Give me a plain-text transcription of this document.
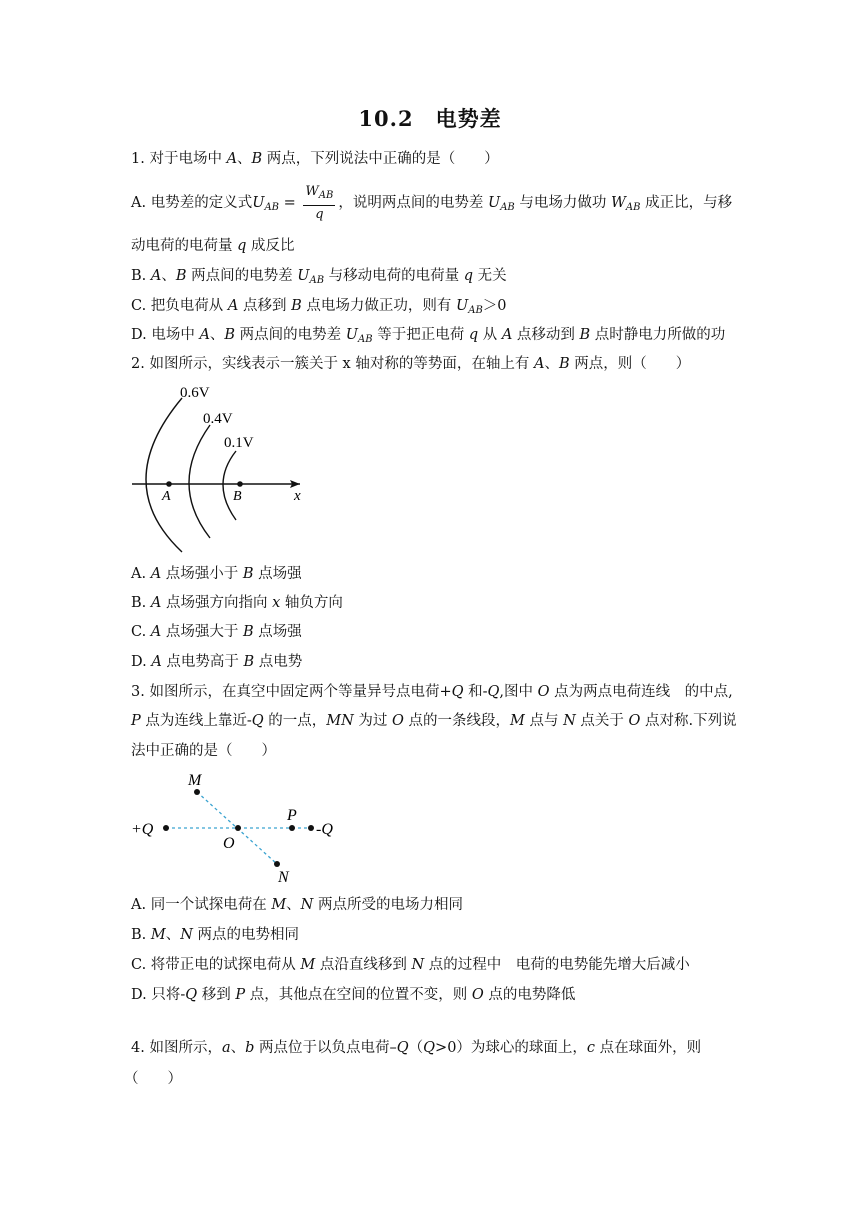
10.2　电势差
1. 对于电场中 A、B 两点，下列说法中正确的是（　　）
A. 电势差的定义式$U_{AB} = \frac{W_{AB}}{q}$ ，说明两点间的电势差 $U_{AB}$ 与电场力做功 $W_{AB}$ 成正比，与移
动电荷的电荷量 q 成反比
B. A、B 两点间的电势差 $U_{AB}$ 与移动电荷的电荷量 q 无关
C. 把负电荷从 A 点移到 B 点电场力做正功，则有 $U_{AB}>0$
D. 电场中 A、B 两点间的电势差 $U_{AB}$ 等于把正电荷 q 从 A 点移动到 B 点时静电力所做的功
2. 如图所示，实线表示一簇关于 x 轴对称的等势面，在轴上有 A、B 两点，则（　　）
0.6V
0.4V
0.1V
A	B	x
A. A 点场强小于 B 点场强
B. A 点场强方向指向 x 轴负方向
C. A 点场强大于 B 点场强
D. A 点电势高于 B 点电势
3. 如图所示，在真空中固定两个等量异号点电荷+Q 和-Q,图中 O 点为两点电荷连线　的中点,
P 点为连线上靠近-Q 的一点，MN 为过 O 点的一条线段，M 点与 N 点关于 O 点对称.下列说
法中正确的是（　　）
M
N
O
P
+Q	-Q
A. 同一个试探电荷在 M、N 两点所受的电场力相同
B. M、N 两点的电势相同
C. 将带正电的试探电荷从 M 点沿直线移到 N 点的过程中　电荷的电势能先增大后减小
D. 只将-Q 移到 P 点，其他点在空间的位置不变，则 O 点的电势降低
4. 如图所示，a、b 两点位于以负点电荷–Q（Q>0）为球心的球面上，c 点在球面外，则
（　　）
